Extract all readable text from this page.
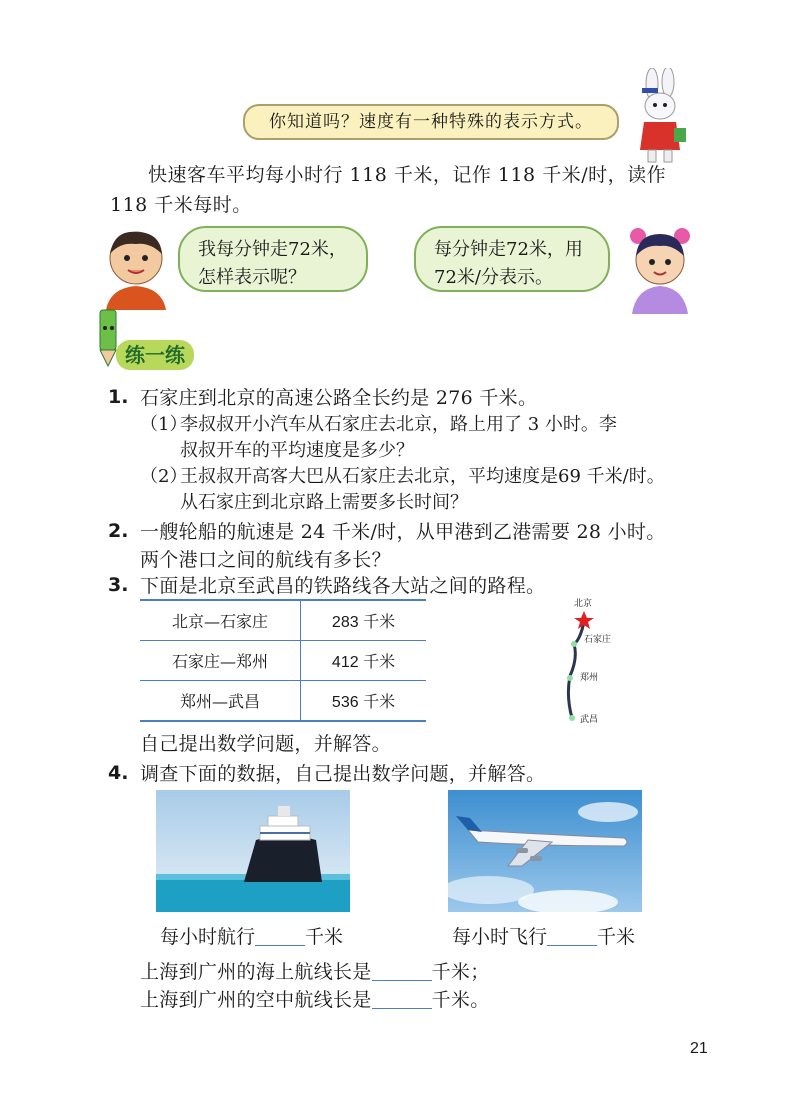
你知道吗？速度有一种特殊的表示方式。
快速客车平均每小时行 118 千米，记作 118 千米/时，读作
118 千米每时。
我每分钟走72米，
怎样表示呢？
每分钟走72米，用
72米/分表示。
练一练
1. 石家庄到北京的高速公路全长约是 276 千米。
（1）
李叔叔开小汽车从石家庄去北京，路上用了 3 小时。李
叔叔开车的平均速度是多少？
（2）
王叔叔开高客大巴从石家庄去北京，平均速度是69 千米/时。
从石家庄到北京路上需要多长时间？
2. 一艘轮船的航速是 24 千米/时，从甲港到乙港需要 28 小时。
两个港口之间的航线有多长？
3. 下面是北京至武昌的铁路线各大站之间的路程。
北京—石家庄	283 千米
石家庄—郑州	412 千米
郑州—武昌	536 千米
北京
石家庄
郑州
武昌
自己提出数学问题，并解答。
4. 调查下面的数据，自己提出数学问题，并解答。
每小时航行	千米	每小时飞行	千米
上海到广州的海上航线长是	千米；
上海到广州的空中航线长是	千米。
21
